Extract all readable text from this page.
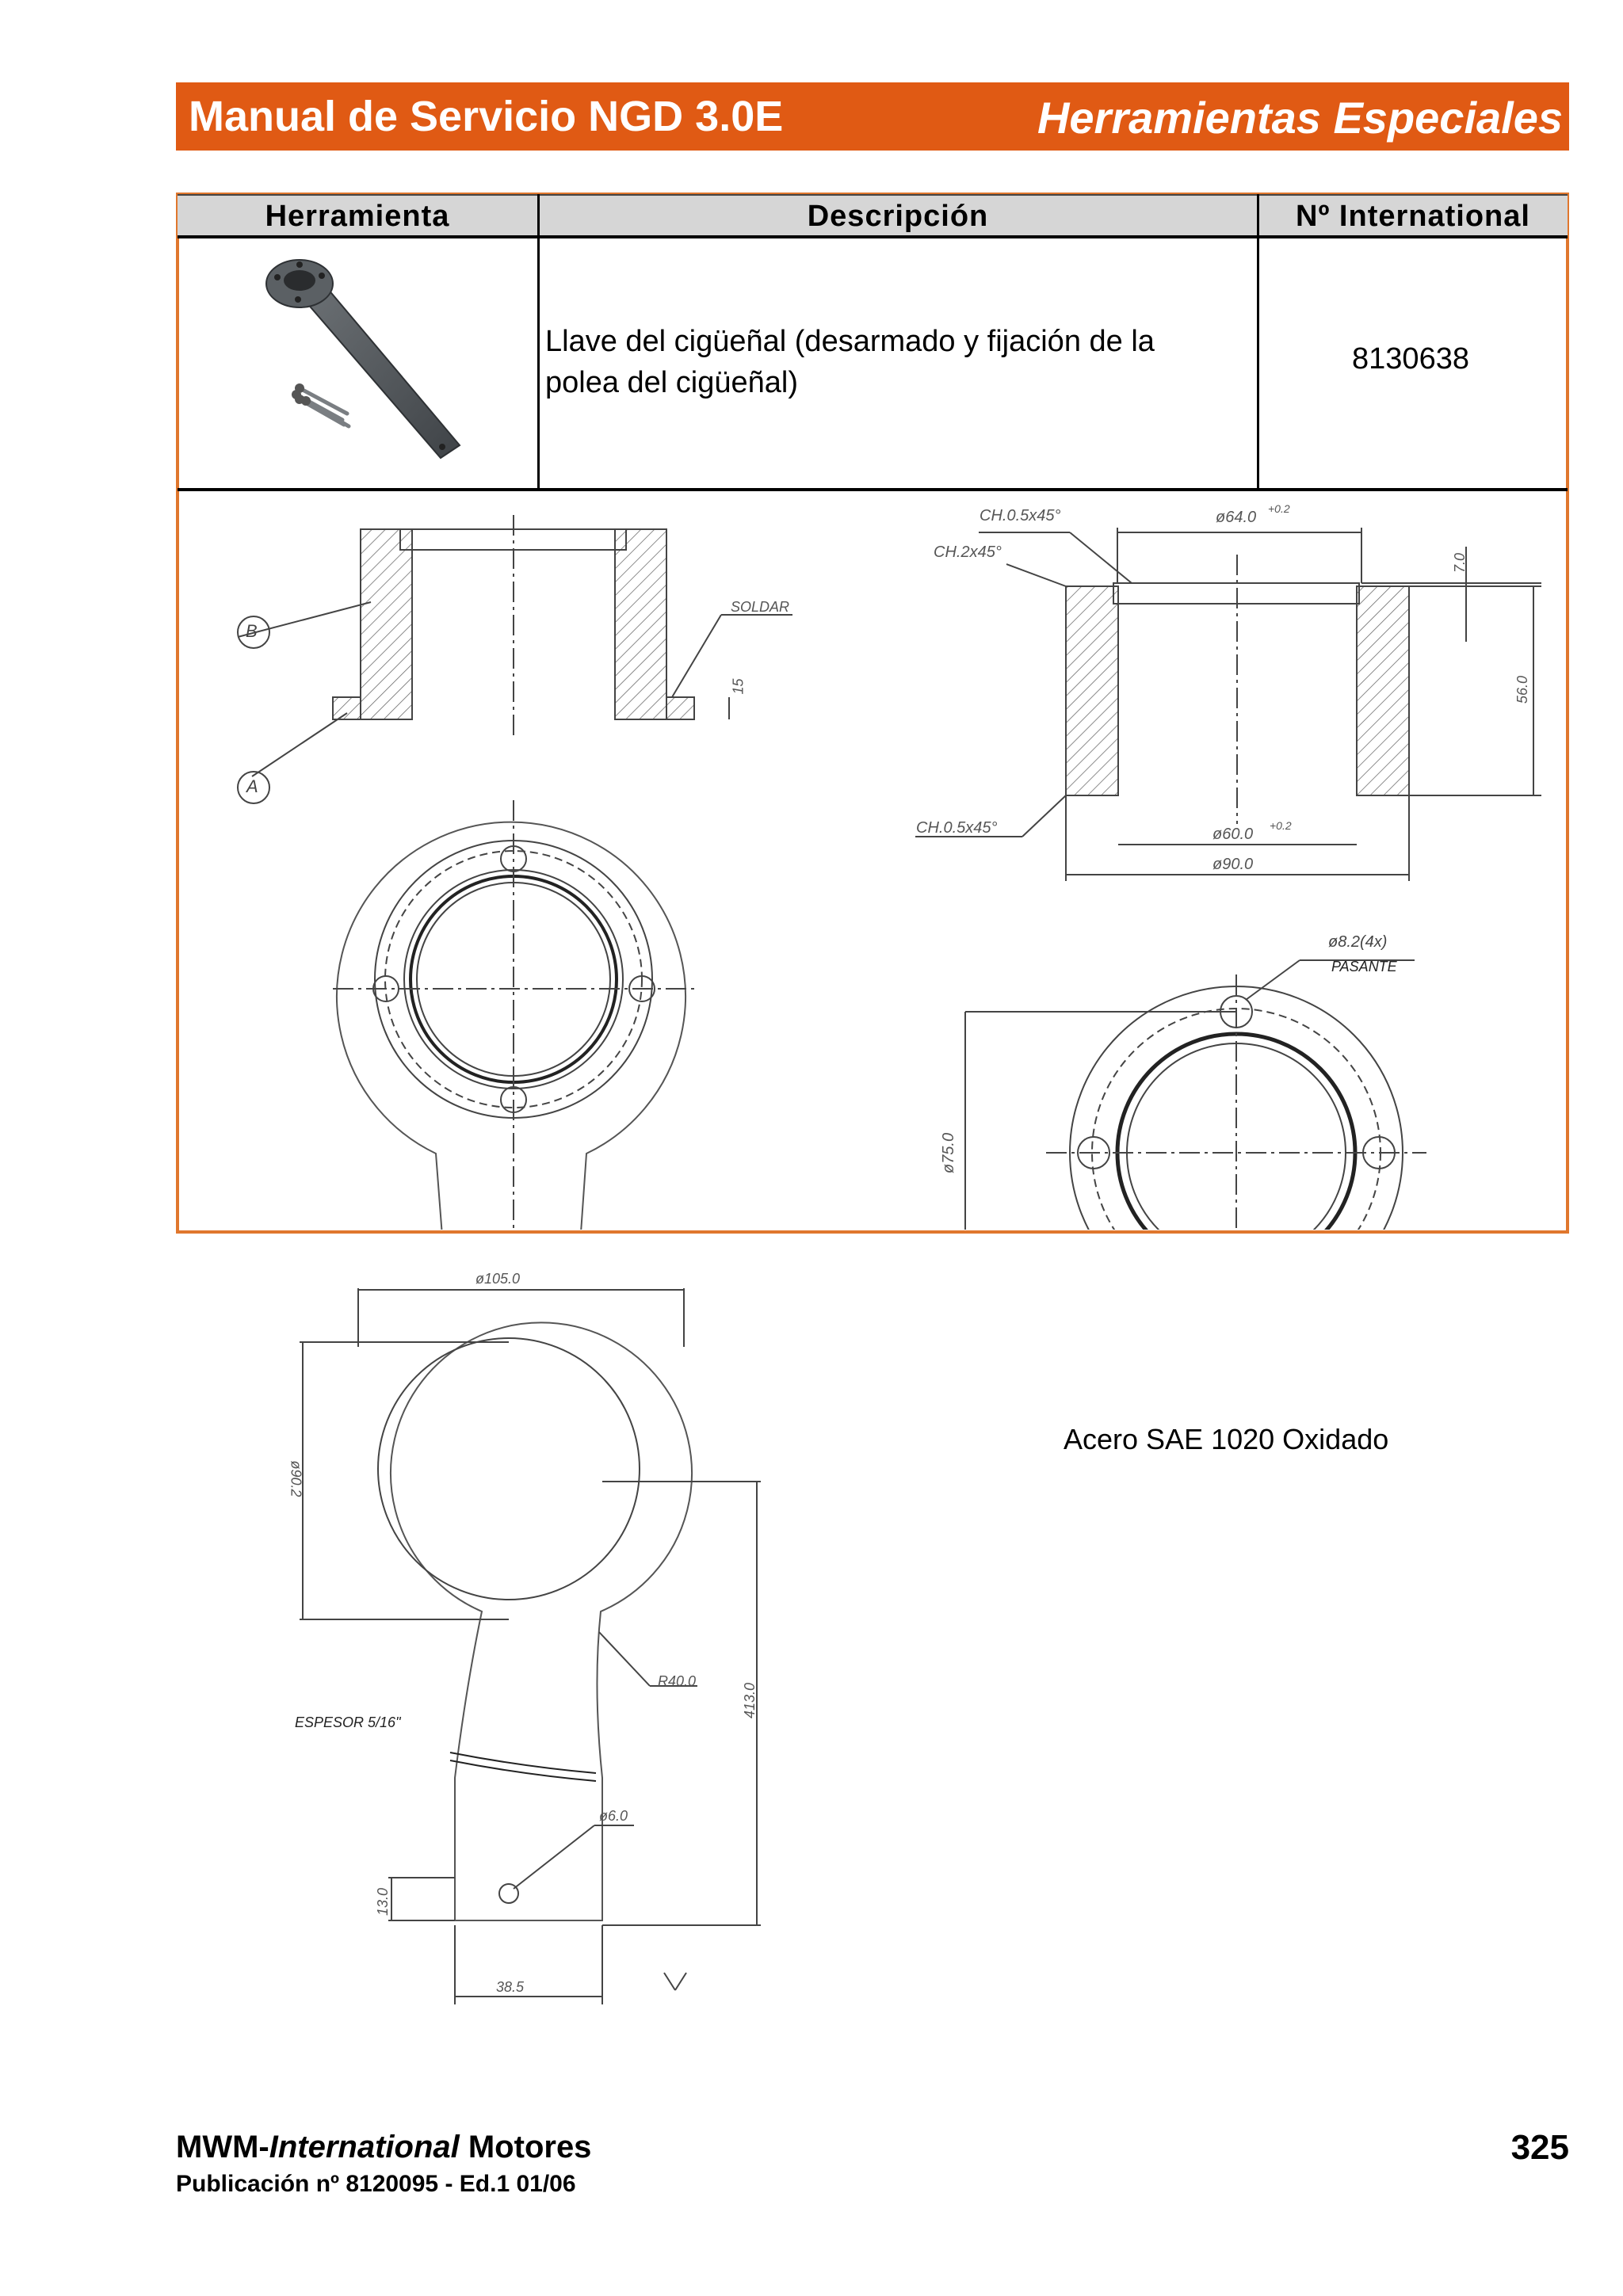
Manual de Servicio NGD 3.0E	Herramientas Especiales
Herramienta	Descripción	Nº International
Llave del cigüeñal (desarmado y fijación de la
polea del cigüeñal)
8130638
B
A
SOLDAR
15
CH.0.5x45°
CH.2x45°
ø64.0 +0.2
7.0
56.0
CH.0.5x45°	ø60.0 +0.2
ø90.0
ø8.2(4x)
PASANTE
ø75.0
ø105.0
ø90.2
R40.0
413.0
ESPESOR 5/16"
ø6.0
13.0
38.5
Acero SAE 1020 Oxidado
MWM-International Motores
Publicación nº 8120095 - Ed.1 01/06
325
